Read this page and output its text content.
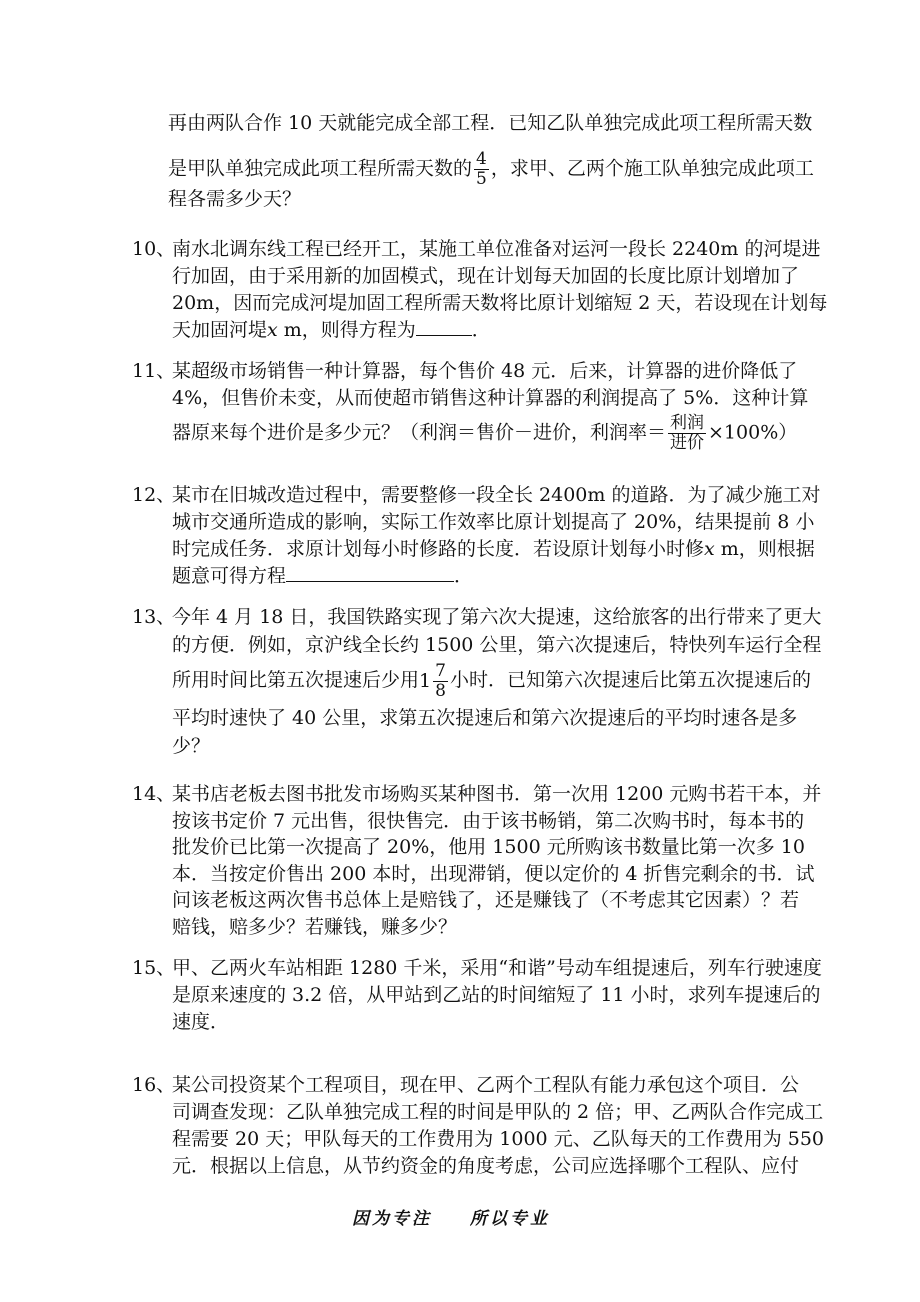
再由两队合作 10 天就能完成全部工程．已知乙队单独完成此项工程所需天数
是甲队单独完成此项工程所需天数的 $\frac{4}{5}$ ，求甲、乙两个施工队单独完成此项工
程各需多少天？
10、
南水北调东线工程已经开工，某施工单位准备对运河一段长 2240m 的河堤进
行加固，由于采用新的加固模式，现在计划每天加固的长度比原计划增加了
20m，因而完成河堤加固工程所需天数将比原计划缩短 2 天，若设现在计划每
天加固河堤x m，则得方程为	．
11、
某超级市场销售一种计算器，每个售价 48 元．后来，计算器的进价降低了
4%，但售价未变，从而使超市销售这种计算器的利润提高了 5%．这种计算
器原来每个进价是多少元？（利润＝售价－进价，利润率＝ $\frac{\text{利润}}{\text{进价}} \times 100\%$）
12、
某市在旧城改造过程中，需要整修一段全长 2400m 的道路．为了减少施工对
城市交通所造成的影响，实际工作效率比原计划提高了 20%，结果提前 8 小
时完成任务．求原计划每小时修路的长度．若设原计划每小时修x m，则根据
题意可得方程	．
13、
今年 4 月 18 日，我国铁路实现了第六次大提速，这给旅客的出行带来了更大
的方便．例如，京沪线全长约 1500 公里，第六次提速后，特快列车运行全程
所用时间比第五次提速后少用$1 \frac{7}{8}$ 小时．已知第六次提速后比第五次提速后的
平均时速快了 40 公里，求第五次提速后和第六次提速后的平均时速各是多
少？
14、
某书店老板去图书批发市场购买某种图书．第一次用 1200 元购书若干本，并
按该书定价 7 元出售，很快售完．由于该书畅销，第二次购书时，每本书的
批发价已比第一次提高了 20%，他用 1500 元所购该书数量比第一次多 10
本．当按定价售出 200 本时，出现滞销，便以定价的 4 折售完剩余的书．试
问该老板这两次售书总体上是赔钱了，还是赚钱了（不考虑其它因素）？若
赔钱，赔多少？若赚钱，赚多少？
15、
甲、乙两火车站相距 1280 千米，采用“和谐”号动车组提速后，列车行驶速度
是原来速度的 3.2 倍，从甲站到乙站的时间缩短了 11 小时，求列车提速后的
速度．
16、
某公司投资某个工程项目，现在甲、乙两个工程队有能力承包这个项目．公
司调查发现：乙队单独完成工程的时间是甲队的 2 倍；甲、乙两队合作完成工
程需要 20 天；甲队每天的工作费用为 1000 元、乙队每天的工作费用为 550
元．根据以上信息，从节约资金的角度考虑，公司应选择哪个工程队、应付
因为专注 所以专业
